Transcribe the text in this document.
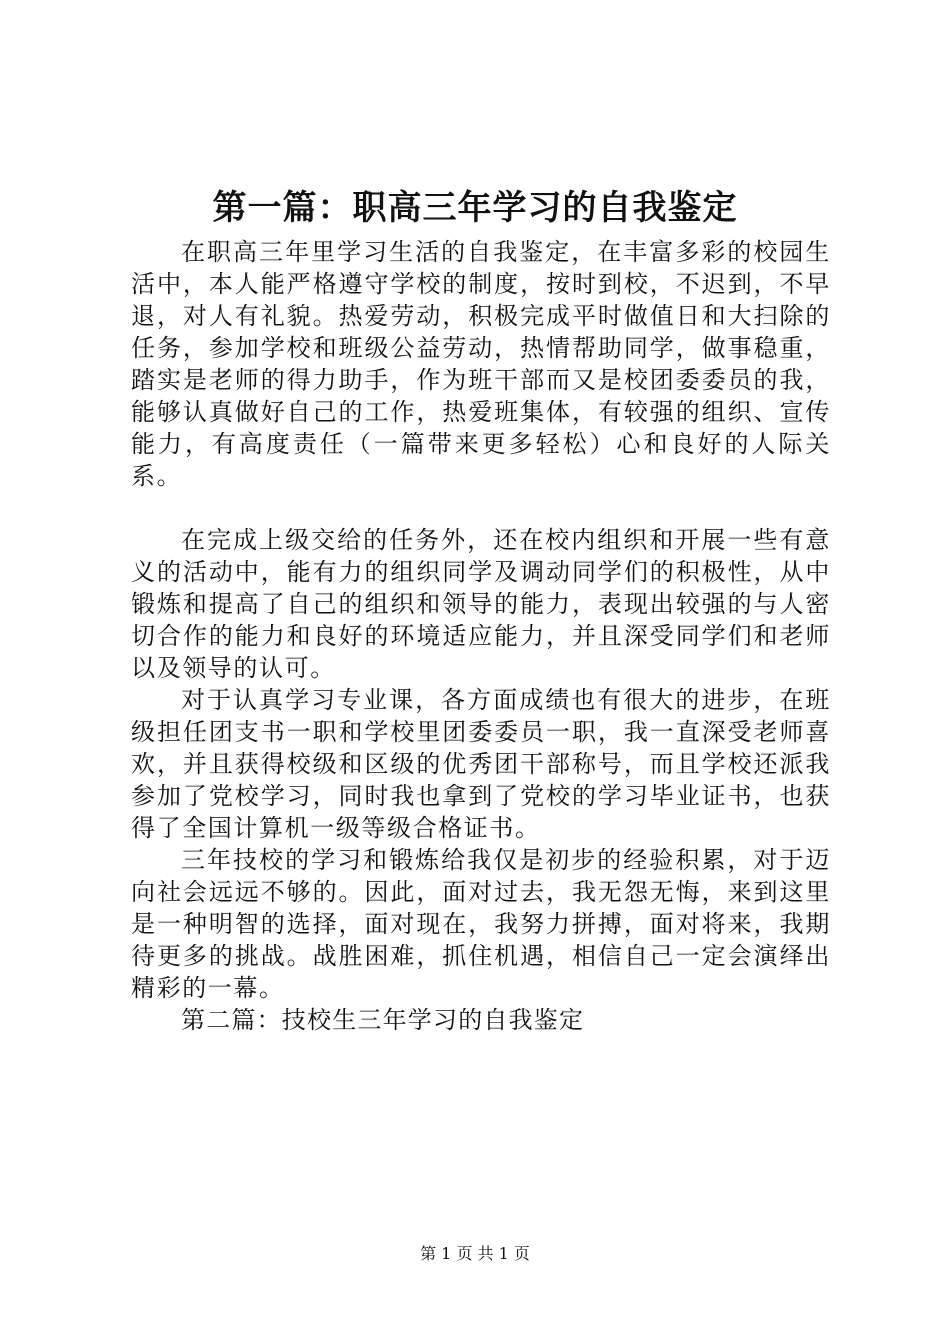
第一篇：职高三年学习的自我鉴定

在职高三年里学习生活的自我鉴定，在丰富多彩的校园生活中，本人能严格遵守学校的制度，按时到校，不迟到，不早退，对人有礼貌。热爱劳动，积极完成平时做值日和大扫除的任务，参加学校和班级公益劳动，热情帮助同学，做事稳重，踏实是老师的得力助手，作为班干部而又是校团委委员的我，能够认真做好自己的工作，热爱班集体，有较强的组织、宣传能力，有高度责任（一篇带来更多轻松）心和良好的人际关系。

在完成上级交给的任务外，还在校内组织和开展一些有意义的活动中，能有力的组织同学及调动同学们的积极性，从中锻炼和提高了自己的组织和领导的能力，表现出较强的与人密切合作的能力和良好的环境适应能力，并且深受同学们和老师以及领导的认可。

对于认真学习专业课，各方面成绩也有很大的进步，在班级担任团支书一职和学校里团委委员一职，我一直深受老师喜欢，并且获得校级和区级的优秀团干部称号，而且学校还派我参加了党校学习，同时我也拿到了党校的学习毕业证书，也获得了全国计算机一级等级合格证书。

三年技校的学习和锻炼给我仅是初步的经验积累，对于迈向社会远远不够的。因此，面对过去，我无怨无悔，来到这里是一种明智的选择，面对现在，我努力拼搏，面对将来，我期待更多的挑战。战胜困难，抓住机遇，相信自己一定会演绎出精彩的一幕。

第二篇：技校生三年学习的自我鉴定

第 1 页 共 1 页
